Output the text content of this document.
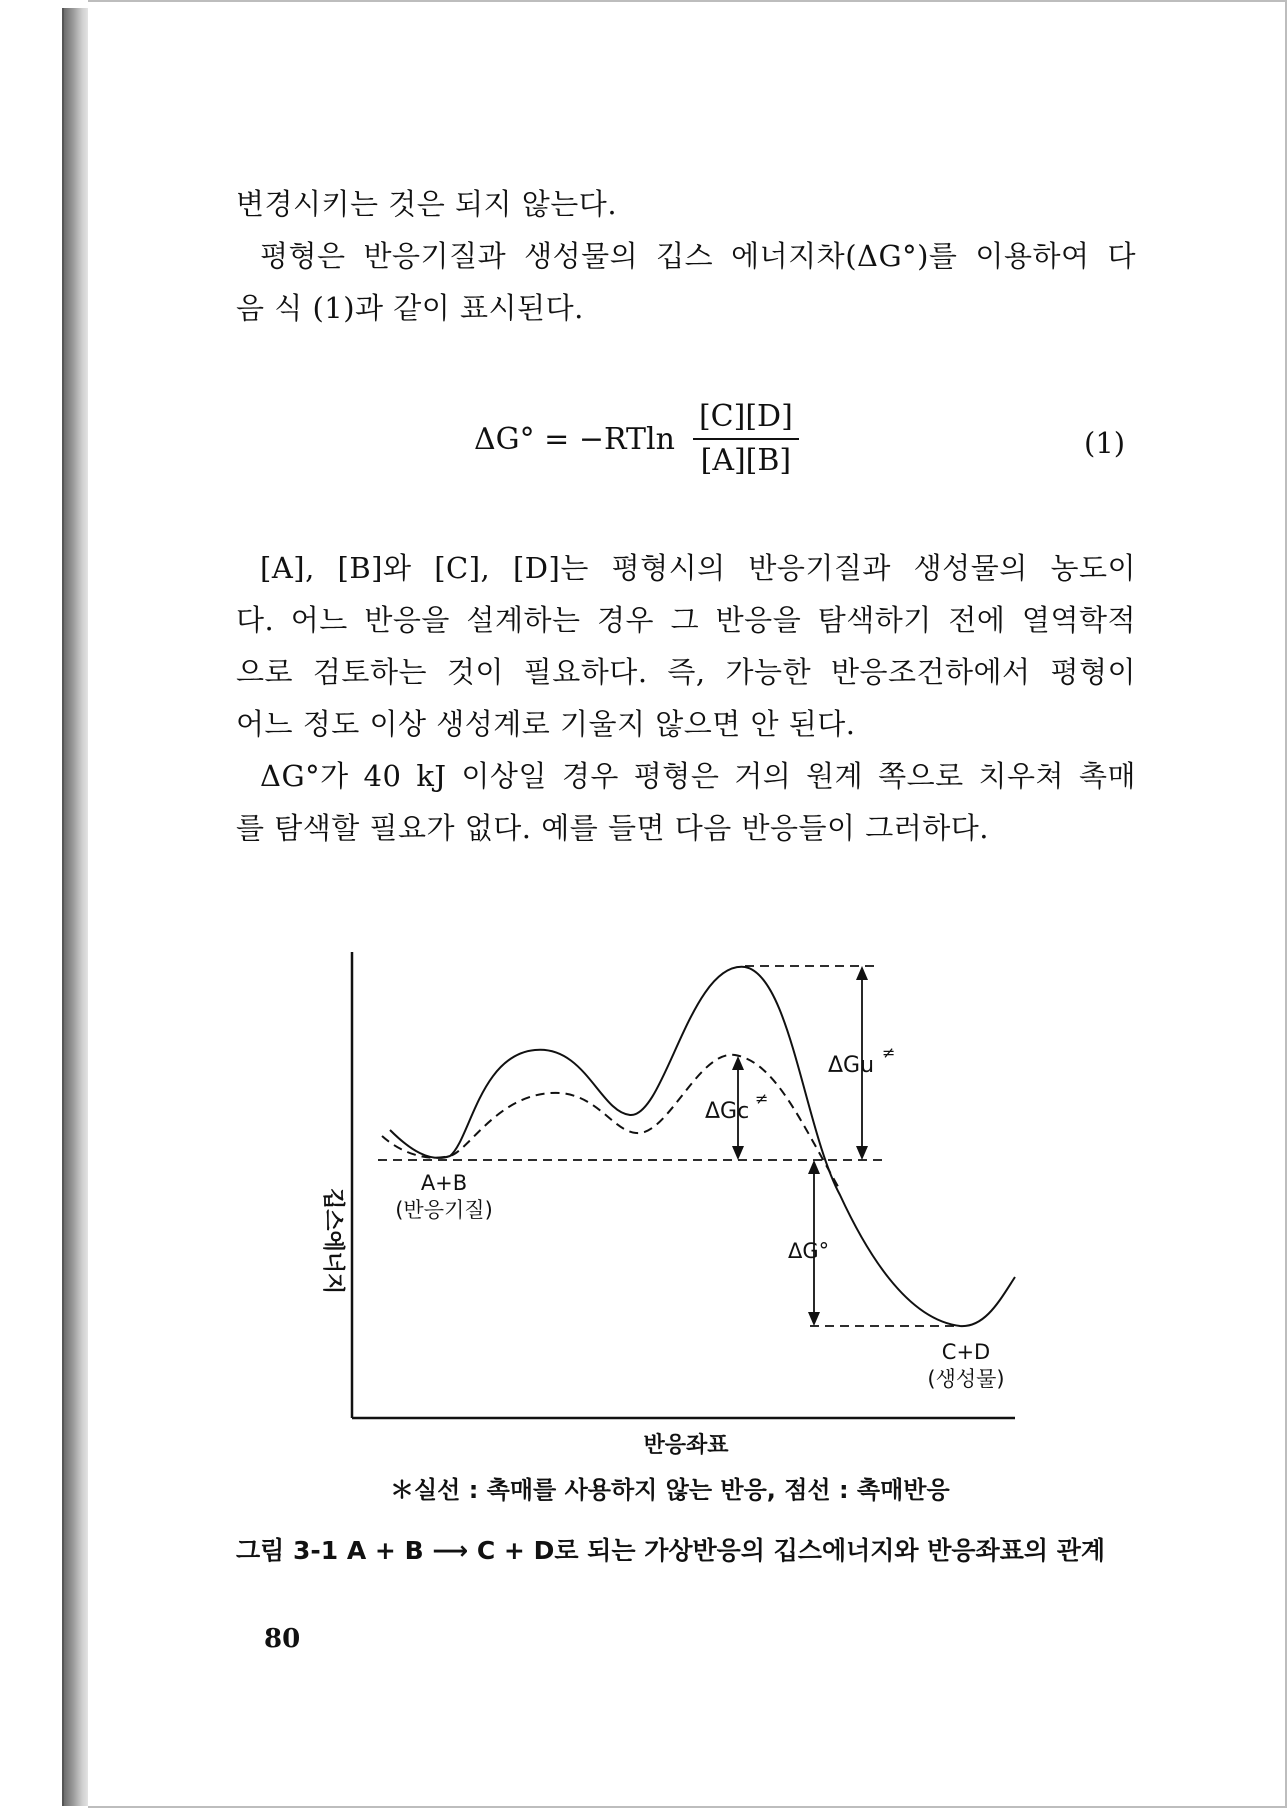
변경시키는 것은 되지 않는다.
평형은 반응기질과 생성물의 깁스 에너지차(ΔG°)를 이용하여 다
음 식 (1)과 같이 표시된다.
$\Delta G^\circ = -RTln \frac{[C][D]}{[A][B]}$	(1)
[A], [B]와 [C], [D]는 평형시의 반응기질과 생성물의 농도이
다. 어느 반응을 설계하는 경우 그 반응을 탐색하기 전에 열역학적
으로 검토하는 것이 필요하다. 즉, 가능한 반응조건하에서 평형이
어느 정도 이상 생성계로 기울지 않으면 안 된다.
ΔG°가 40 kJ 이상일 경우 평형은 거의 원계 쪽으로 치우쳐 촉매
를 탐색할 필요가 없다. 예를 들면 다음 반응들이 그러하다.
깁스에너지
반응좌표
A+B
(반응기질)
C+D
(생성물)
ΔGu
≠
ΔGc
≠
ΔG°
＊실선 : 촉매를 사용하지 않는 반응, 점선 : 촉매반응
그림 3-1 A + B ⟶ C + D로 되는 가상반응의 깁스에너지와 반응좌표의 관계
80
